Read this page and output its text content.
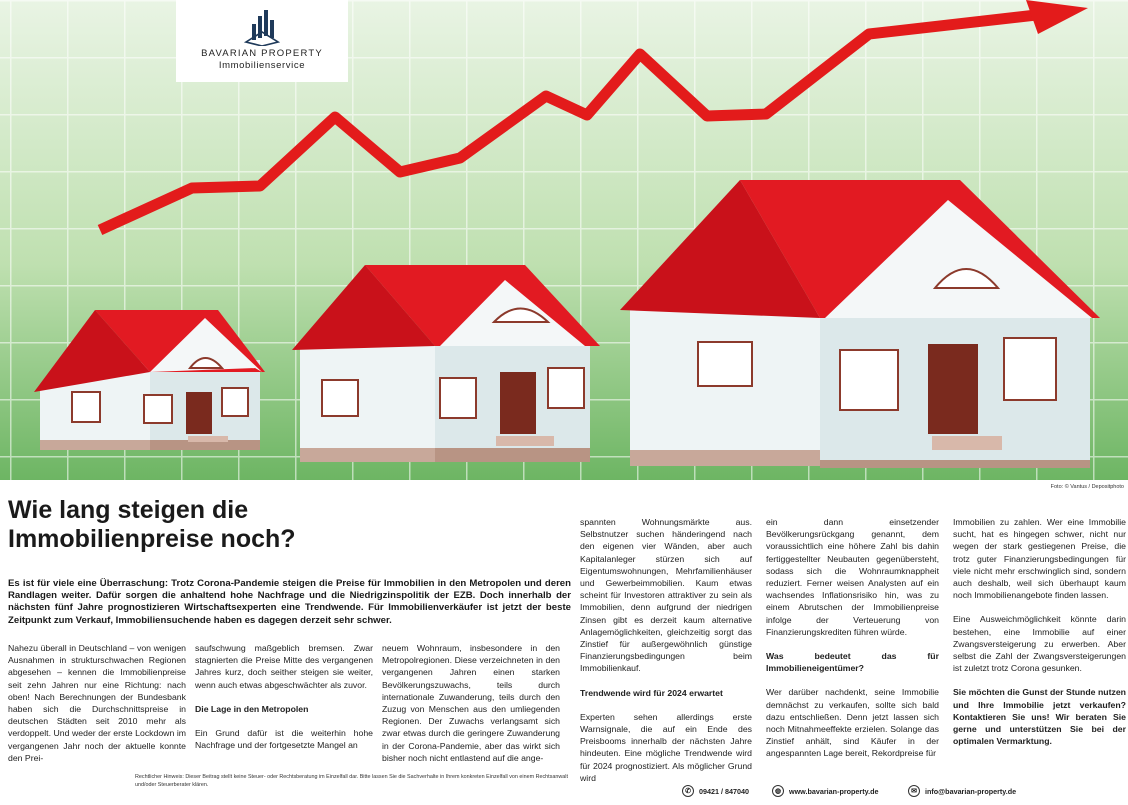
BAVARIAN PROPERTY
Immobilienservice
Foto: © Vantus / Depositphoto
Wie lang steigen die
Immobilienpreise noch?

Es ist für viele eine Überraschung: Trotz Corona-Pandemie steigen die Preise für Immobilien in den Metropolen und deren Randlagen weiter. Dafür sorgen die anhaltend hohe Nachfrage und die Niedrigzinspolitik der EZB. Doch innerhalb der nächsten fünf Jahre prognostizieren Wirtschaftsexperten eine Trendwende. Für Immobilienverkäufer ist jetzt der beste Zeitpunkt zum Verkauf, Immobiliensuchende haben es dagegen derzeit sehr schwer.

Nahezu überall in Deutschland – von wenigen Ausnahmen in strukturschwachen Regionen abgesehen – kennen die Immobilienpreise seit zehn Jahren nur eine Richtung: nach oben! Nach Berechnungen der Bundesbank haben sich die Durchschnittspreise in deutschen Städten seit 2010 mehr als verdoppelt. Und weder der erste Lockdown im vergangenen Jahr noch der aktuelle konnte den Prei-

saufschwung maßgeblich bremsen. Zwar stagnierten die Preise Mitte des vergangenen Jahres kurz, doch seither steigen sie weiter, wenn auch etwas abgeschwächter als zuvor.

Die Lage in den Metropolen

Ein Grund dafür ist die weiterhin hohe Nachfrage und der fortgesetzte Mangel an

neuem Wohnraum, insbesondere in den Metropolregionen. Diese verzeichneten in den vergangenen Jahren einen starken Bevölkerungszuwachs, teils durch internationale Zuwanderung, teils durch den Zuzug von Menschen aus den umliegenden Regionen. Der Zuwachs verlangsamt sich zwar etwas durch die geringere Zuwanderung in der Corona-Pandemie, aber das wirkt sich bisher noch nicht entlastend auf die ange-

spannten Wohnungsmärkte aus. Selbstnutzer suchen händeringend nach den eigenen vier Wänden, aber auch Kapitalanleger stürzen sich auf Eigentumswohnungen, Mehrfamilienhäuser und Gewerbeimmobilien. Kaum etwas scheint für Investoren attraktiver zu sein als Immobilien, denn aufgrund der niedrigen Zinsen gibt es derzeit kaum alternative Anlagemöglichkeiten, gleichzeitig sorgt das Zinstief für außergewöhnlich günstige Finanzierungsbedingungen beim Immobilienkauf.

Trendwende wird für 2024 erwartet

Experten sehen allerdings erste Warnsignale, die auf ein Ende des Preisbooms innerhalb der nächsten Jahre hindeuten. Eine mögliche Trendwende wird für 2024 prognostiziert. Als möglicher Grund wird

ein dann einsetzender Bevölkerungsrückgang genannt, dem voraussichtlich eine höhere Zahl bis dahin fertiggestellter Neubauten gegenübersteht, sodass sich die Wohnraumknappheit reduziert. Ferner weisen Analysten auf ein wachsendes Inflationsrisiko hin, was zu einem Abrutschen der Immobilienpreise infolge der Verteuerung von Finanzierungskrediten führen würde.

Was bedeutet das für Immobilieneigentümer?

Wer darüber nachdenkt, seine Immobilie demnächst zu verkaufen, sollte sich bald dazu entschließen. Denn jetzt lassen sich noch Mitnahmeeffekte erzielen. Solange das Zinstief anhält, sind Käufer in der angespannten Lage bereit, Rekordpreise für

Immobilien zu zahlen. Wer eine Immobilie sucht, hat es hingegen schwer, nicht nur wegen der stark gestiegenen Preise, die trotz guter Finanzierungsbedingungen für viele nicht mehr erschwinglich sind, sondern auch deshalb, weil sich überhaupt kaum noch Immobilienangebote finden lassen.

Eine Ausweichmöglichkeit könnte darin bestehen, eine Immobilie auf einer Zwangsversteigerung zu erwerben. Aber selbst die Zahl der Zwangsversteigerungen ist zuletzt trotz Corona gesunken.

Sie möchten die Gunst der Stunde nutzen und Ihre Immobilie jetzt verkaufen? Kontaktieren Sie uns! Wir beraten Sie gerne und unterstützen Sie bei der optimalen Vermarktung.

Rechtlicher Hinweis: Dieser Beitrag stellt keine Steuer- oder Rechtsberatung im Einzelfall dar. Bitte lassen Sie die Sachverhalte in Ihrem konkreten Einzelfall von einem Rechtsanwalt und/oder Steuerberater klären.
✆	09421 / 847040	◍	www.bavarian-property.de	✉	info@bavarian-property.de
